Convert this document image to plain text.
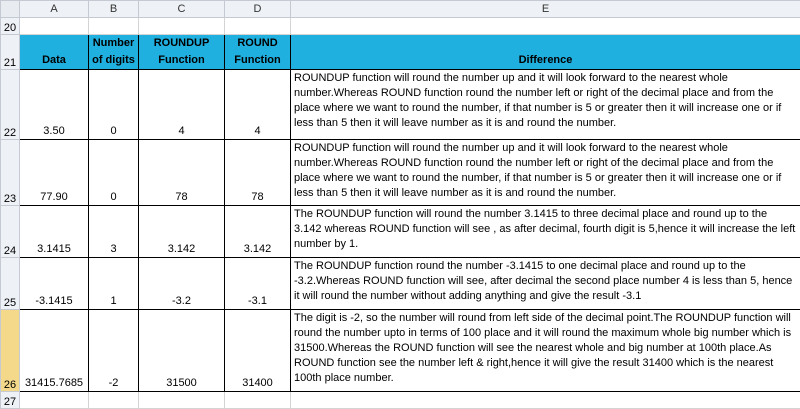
	A	B	C	D	E
20					
21	Data	Number of digits	ROUNDUP Function	ROUND Function	Difference
22	3.50	0	4	4	ROUNDUP function will round the number up and it will look forward to the nearest whole number.Whereas ROUND function round the number left or right of the decimal place and from the place where we want to round the number, if that number is 5 or greater then it will increase one or if less than 5 then it will leave number as it is and round the number.
23	77.90	0	78	78	ROUNDUP function will round the number up and it will look forward to the nearest whole number.Whereas ROUND function round the number left or right of the decimal place and from the place where we want to round the number, if that number is 5 or greater then it will increase one or if less than 5 then it will leave number as it is and round the number.
24	3.1415	3	3.142	3.142	The ROUNDUP function will round the number 3.1415 to three decimal place and round up to the 3.142 whereas ROUND function will see , as after decimal, fourth digit is 5,hence it will increase the left number by 1.
25	-3.1415	1	-3.2	-3.1	The ROUNDUP function round the number -3.1415 to one decimal place and round up to the -3.2.Whereas ROUND function will see, after decimal the second place number 4 is less than 5, hence it will round the number without adding anything and give the result -3.1
26	31415.7685	-2	31500	31400	The digit is -2, so the number will round from left side of the decimal point.The ROUNDUP function will round the number upto in terms of 100 place and it will round the maximum whole big number which is 31500.Whereas the ROUND function will see the nearest whole and big number at 100th place.As ROUND function see the number left & right,hence it will give the result 31400 which is the nearest 100th place number.
27					
